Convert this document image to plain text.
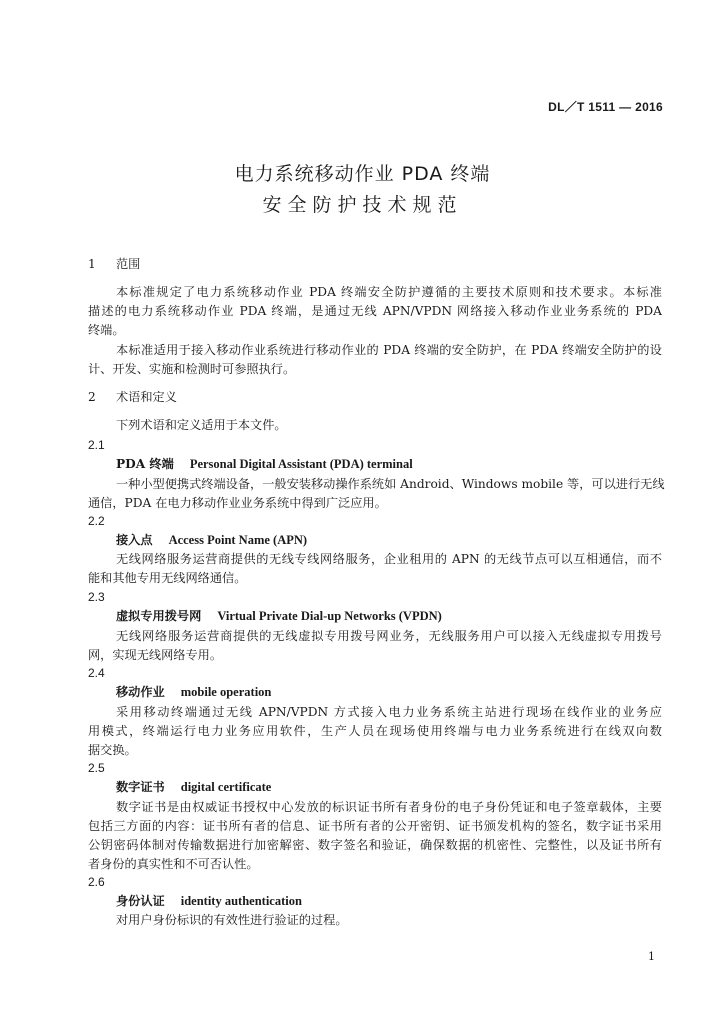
DL／T 1511 — 2016
电力系统移动作业 PDA 终端
安全防护技术规范
1 范围
本标准规定了电力系统移动作业 PDA 终端安全防护遵循的主要技术原则和技术要求。本标准
描述的电力系统移动作业 PDA 终端，是通过无线 APN/VPDN 网络接入移动作业业务系统的 PDA
终端。
本标准适用于接入移动作业系统进行移动作业的 PDA 终端的安全防护，在 PDA 终端安全防护的设
计、开发、实施和检测时可参照执行。
2 术语和定义
下列术语和定义适用于本文件。
2.1
PDA 终端 Personal Digital Assistant (PDA) terminal
一种小型便携式终端设备，一般安装移动操作系统如 Android、Windows mobile 等，可以进行无线
通信，PDA 在电力移动作业业务系统中得到广泛应用。
2.2
接入点 Access Point Name (APN)
无线网络服务运营商提供的无线专线网络服务，企业租用的 APN 的无线节点可以互相通信，而不
能和其他专用无线网络通信。
2.3
虚拟专用拨号网 Virtual Private Dial-up Networks (VPDN)
无线网络服务运营商提供的无线虚拟专用拨号网业务，无线服务用户可以接入无线虚拟专用拨号
网，实现无线网络专用。
2.4
移动作业 mobile operation
采用移动终端通过无线 APN/VPDN 方式接入电力业务系统主站进行现场在线作业的业务应
用模式，终端运行电力业务应用软件，生产人员在现场使用终端与电力业务系统进行在线双向数
据交换。
2.5
数字证书 digital certificate
数字证书是由权威证书授权中心发放的标识证书所有者身份的电子身份凭证和电子签章载体，主要
包括三方面的内容：证书所有者的信息、证书所有者的公开密钥、证书颁发机构的签名，数字证书采用
公钥密码体制对传输数据进行加密解密、数字签名和验证，确保数据的机密性、完整性，以及证书所有
者身份的真实性和不可否认性。
2.6
身份认证 identity authentication
对用户身份标识的有效性进行验证的过程。
1
